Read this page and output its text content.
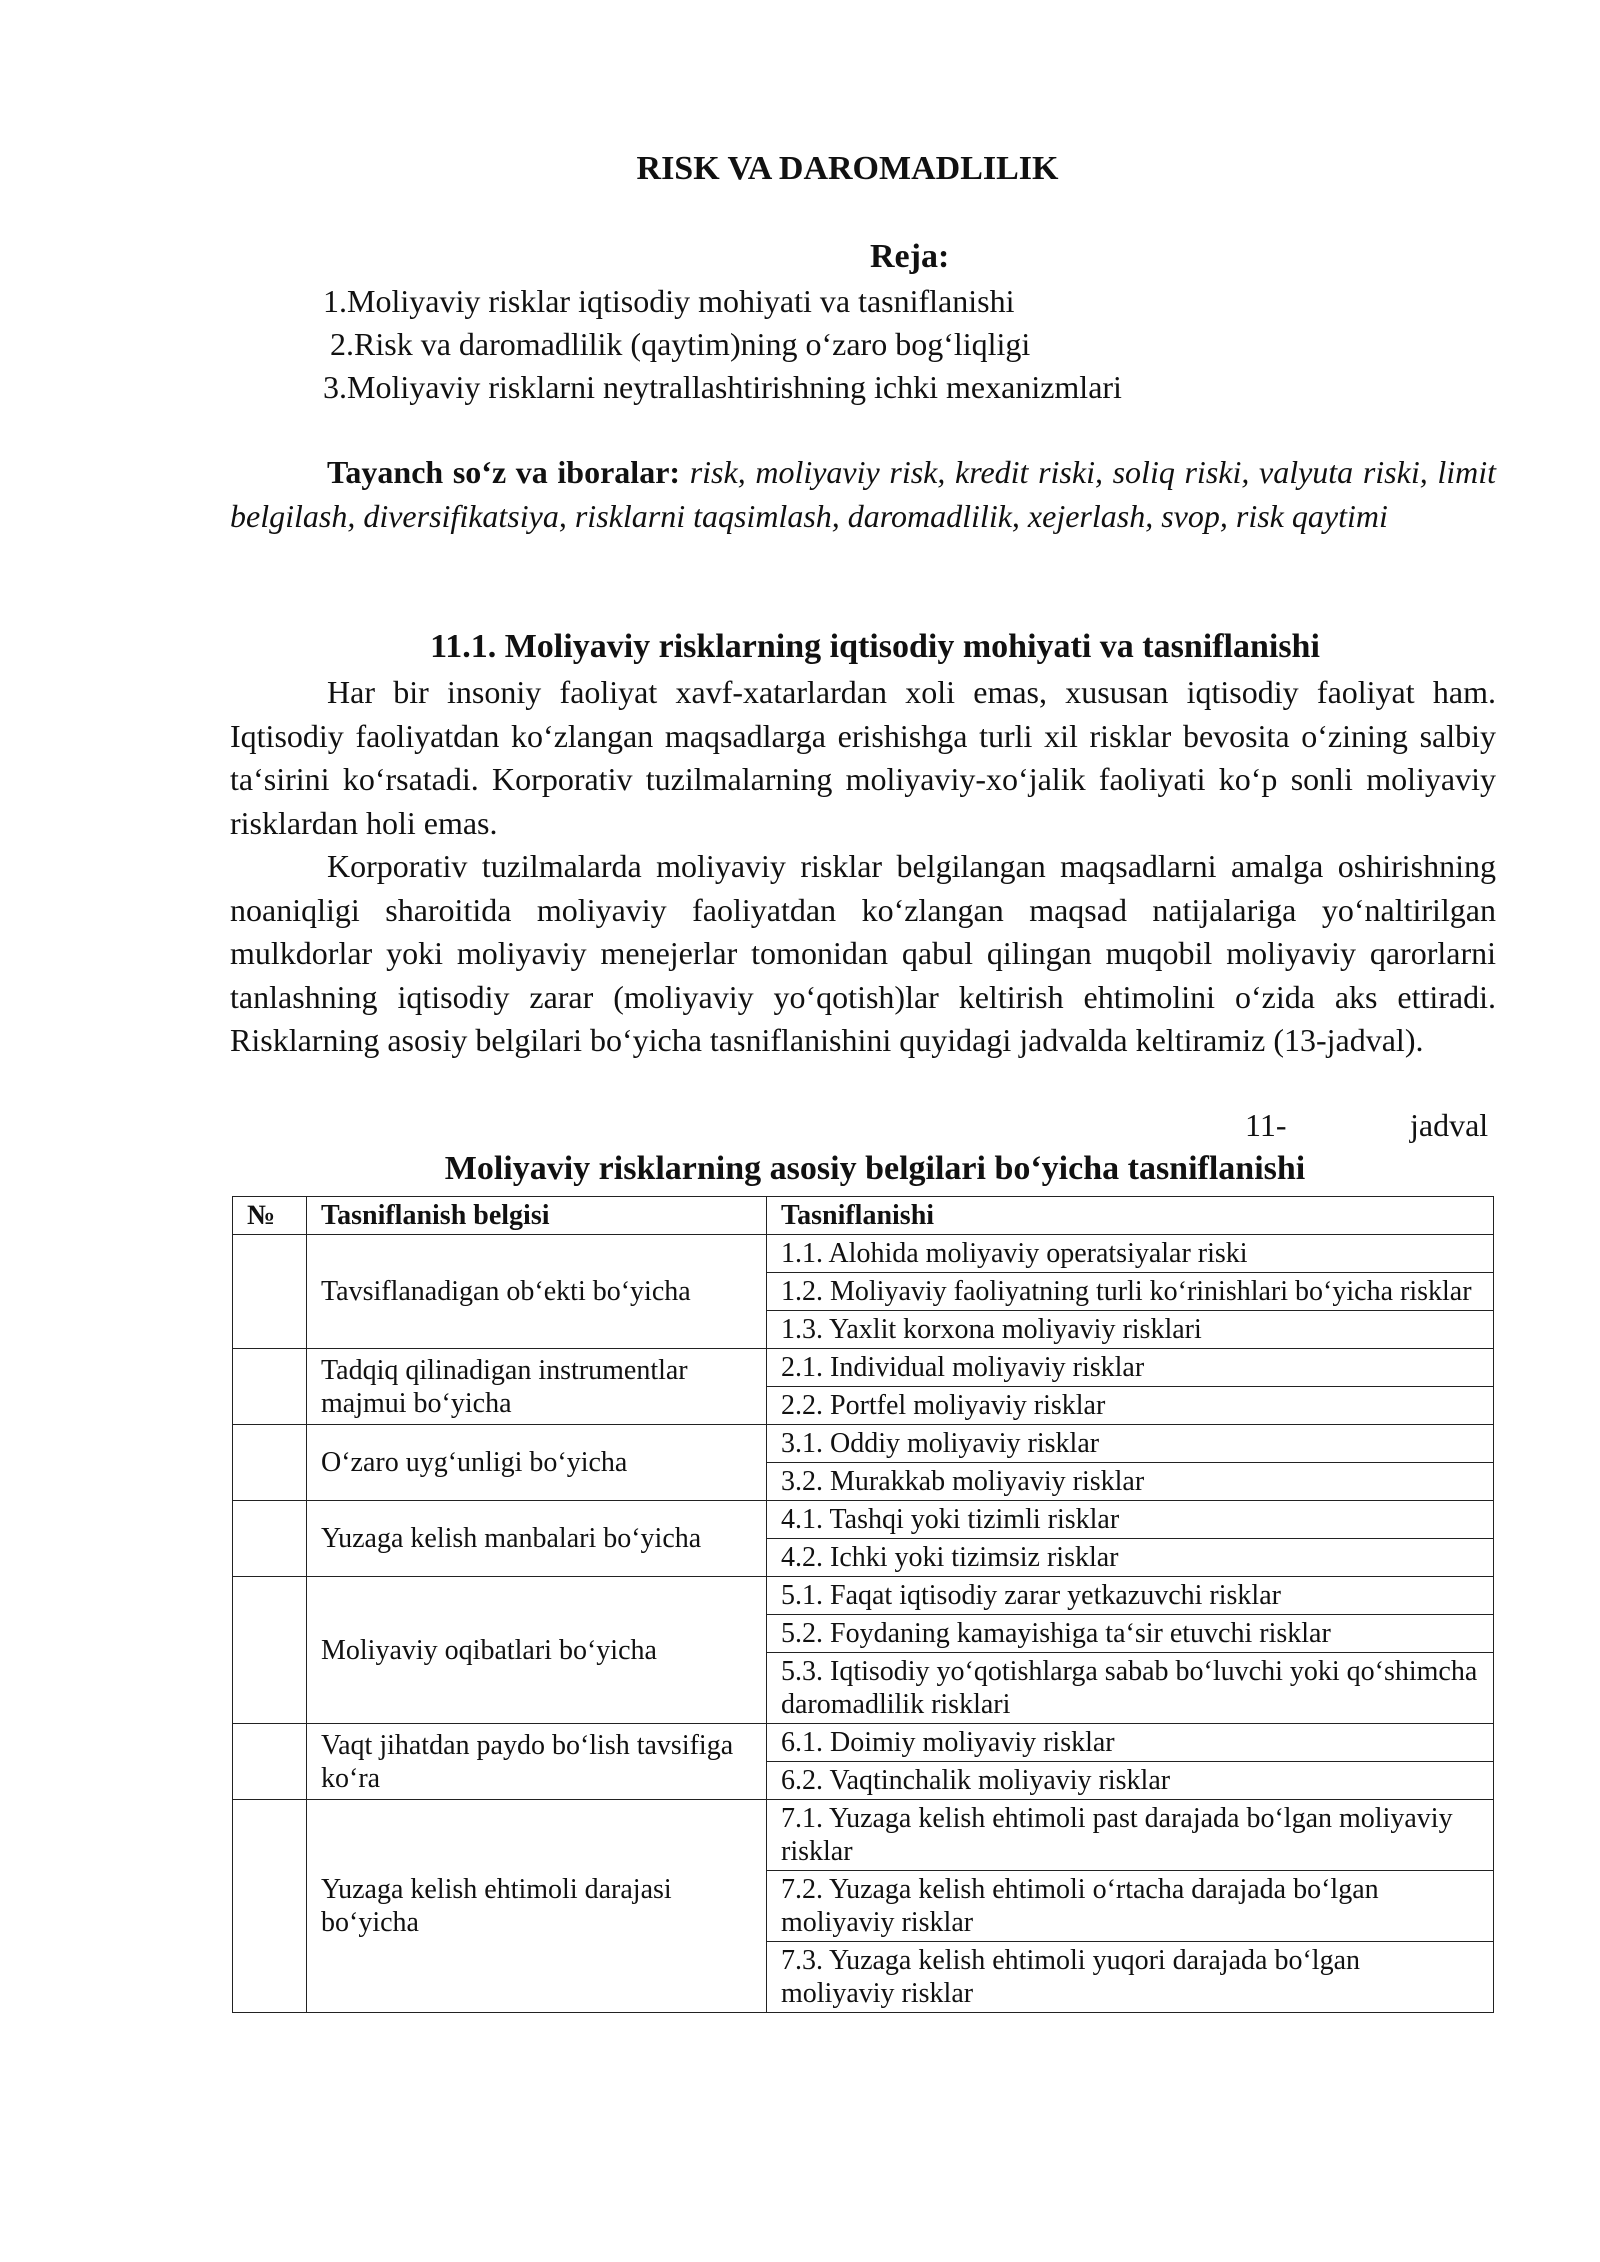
RISK VA DAROMADLILIK
Reja:
1.Moliyaviy risklar iqtisodiy mohiyati va tasniflanishi
2.Risk va daromadlilik (qaytim)ning o‘zaro bog‘liqligi
3.Moliyaviy risklarni neytrallashtirishning ichki mexanizmlari

Tayanch so‘z va iboralar: risk, moliyaviy risk, kredit riski, soliq riski, valyuta riski, limit belgilash, diversifikatsiya, risklarni taqsimlash, daromadlilik, xejerlash, svop, risk qaytimi

11.1. Moliyaviy risklarning iqtisodiy mohiyati va tasniflanishi

Har bir insoniy faoliyat xavf-xatarlardan xoli emas, xususan iqtisodiy faoliyat ham. Iqtisodiy faoliyatdan ko‘zlangan maqsadlarga erishishga turli xil risklar bevosita o‘zining salbiy ta‘sirini ko‘rsatadi. Korporativ tuzilmalarning moliyaviy-xo‘jalik faoliyati ko‘p sonli moliyaviy risklardan holi emas.

Korporativ tuzilmalarda moliyaviy risklar belgilangan maqsadlarni amalga oshirishning noaniqligi sharoitida moliyaviy faoliyatdan ko‘zlangan maqsad natijalariga yo‘naltirilgan mulkdorlar yoki moliyaviy menejerlar tomonidan qabul qilingan muqobil moliyaviy qarorlarni tanlashning iqtisodiy zarar (moliyaviy yo‘qotish)lar keltirish ehtimolini o‘zida aks ettiradi. Risklarning asosiy belgilari bo‘yicha tasniflanishini quyidagi jadvalda keltiramiz (13-jadval).

11-	jadval
Moliyaviy risklarning asosiy belgilari bo‘yicha tasniflanishi
№	Tasniflanish belgisi	Tasniflanishi
	Tavsiflanadigan ob‘ekti bo‘yicha	1.1. Alohida moliyaviy operatsiyalar riski
		1.2. Moliyaviy faoliyatning turli ko‘rinishlari bo‘yicha risklar
		1.3. Yaxlit korxona moliyaviy risklari
	Tadqiq qilinadigan instrumentlar majmui bo‘yicha	2.1. Individual moliyaviy risklar
		2.2. Portfel moliyaviy risklar
	O‘zaro uyg‘unligi bo‘yicha	3.1. Oddiy moliyaviy risklar
		3.2. Murakkab moliyaviy risklar
	Yuzaga kelish manbalari bo‘yicha	4.1. Tashqi yoki tizimli risklar
		4.2. Ichki yoki tizimsiz risklar
	Moliyaviy oqibatlari bo‘yicha	5.1. Faqat iqtisodiy zarar yetkazuvchi risklar
		5.2. Foydaning kamayishiga ta‘sir etuvchi risklar
		5.3. Iqtisodiy yo‘qotishlarga sabab bo‘luvchi yoki qo‘shimcha daromadlilik risklari
	Vaqt jihatdan paydo bo‘lish tavsifiga ko‘ra	6.1. Doimiy moliyaviy risklar
		6.2. Vaqtinchalik moliyaviy risklar
	Yuzaga kelish ehtimoli darajasi bo‘yicha	7.1. Yuzaga kelish ehtimoli past darajada bo‘lgan moliyaviy risklar
		7.2. Yuzaga kelish ehtimoli o‘rtacha darajada bo‘lgan moliyaviy risklar
		7.3. Yuzaga kelish ehtimoli yuqori darajada bo‘lgan moliyaviy risklar
